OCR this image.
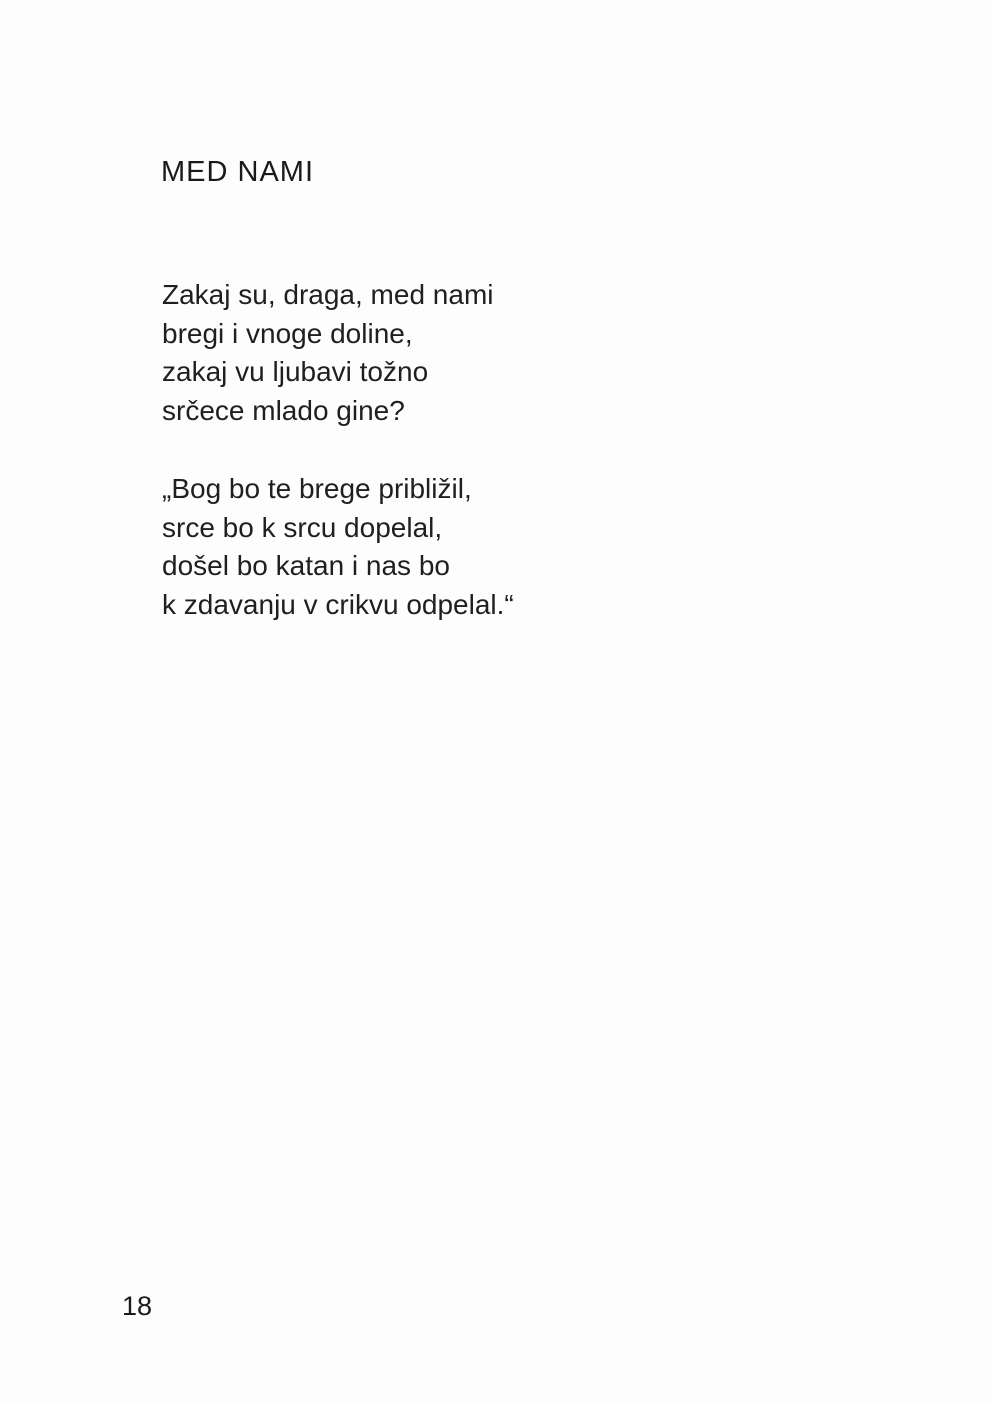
MED NAMI
Zakaj su, draga, med nami
bregi i vnoge doline,
zakaj vu ljubavi tožno
srčece mlado gine?
„Bog bo te brege približil,
srce bo k srcu dopelal,
došel bo katan i nas bo
k zdavanju v crikvu odpelal.“
18
